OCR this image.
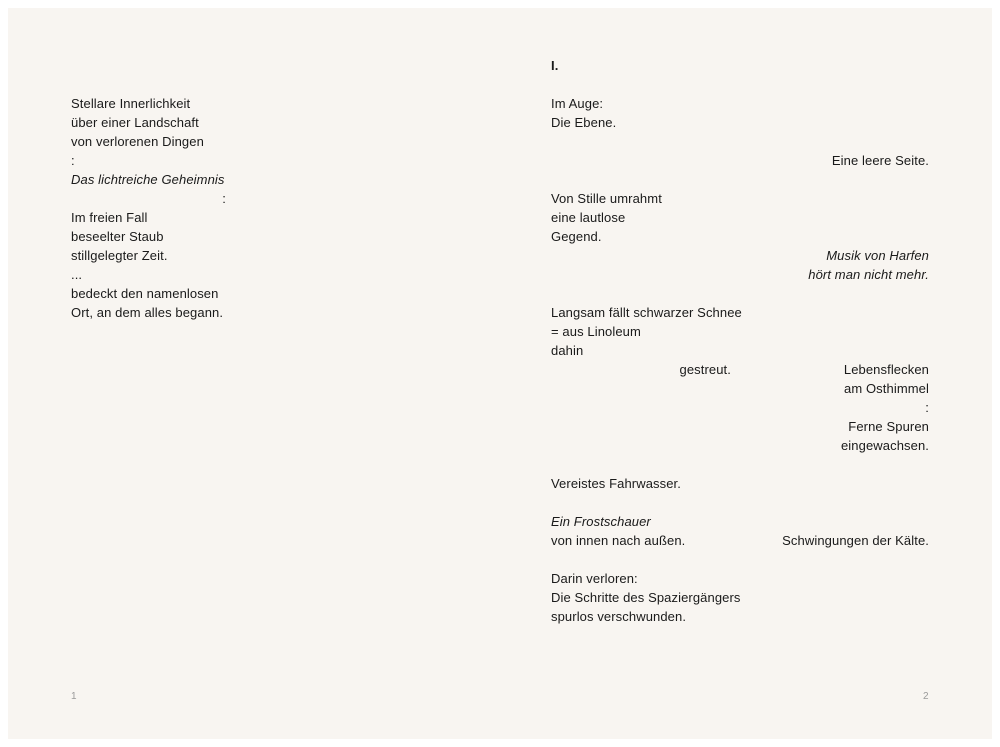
Stellare Innerlichkeit
über einer Landschaft
von verlorenen Dingen
:
Das lichtreiche Geheimnis
:
Im freien Fall
beseelter Staub
stillgelegter Zeit.
...
bedeckt den namenlosen
Ort, an dem alles begann.
1
I.
Im Auge:
Die Ebene.
Eine leere Seite.
Von Stille umrahmt
eine lautlose
Gegend.
Musik von Harfen
hört man nicht mehr.
Langsam fällt schwarzer Schnee
= aus Linoleum
dahin
gestreut.	Lebensflecken
am Osthimmel
:
Ferne Spuren
eingewachsen.
Vereistes Fahrwasser.
Ein Frostschauer
von innen nach außen.	Schwingungen der Kälte.
Darin verloren:
Die Schritte des Spaziergängers
spurlos verschwunden.
2
